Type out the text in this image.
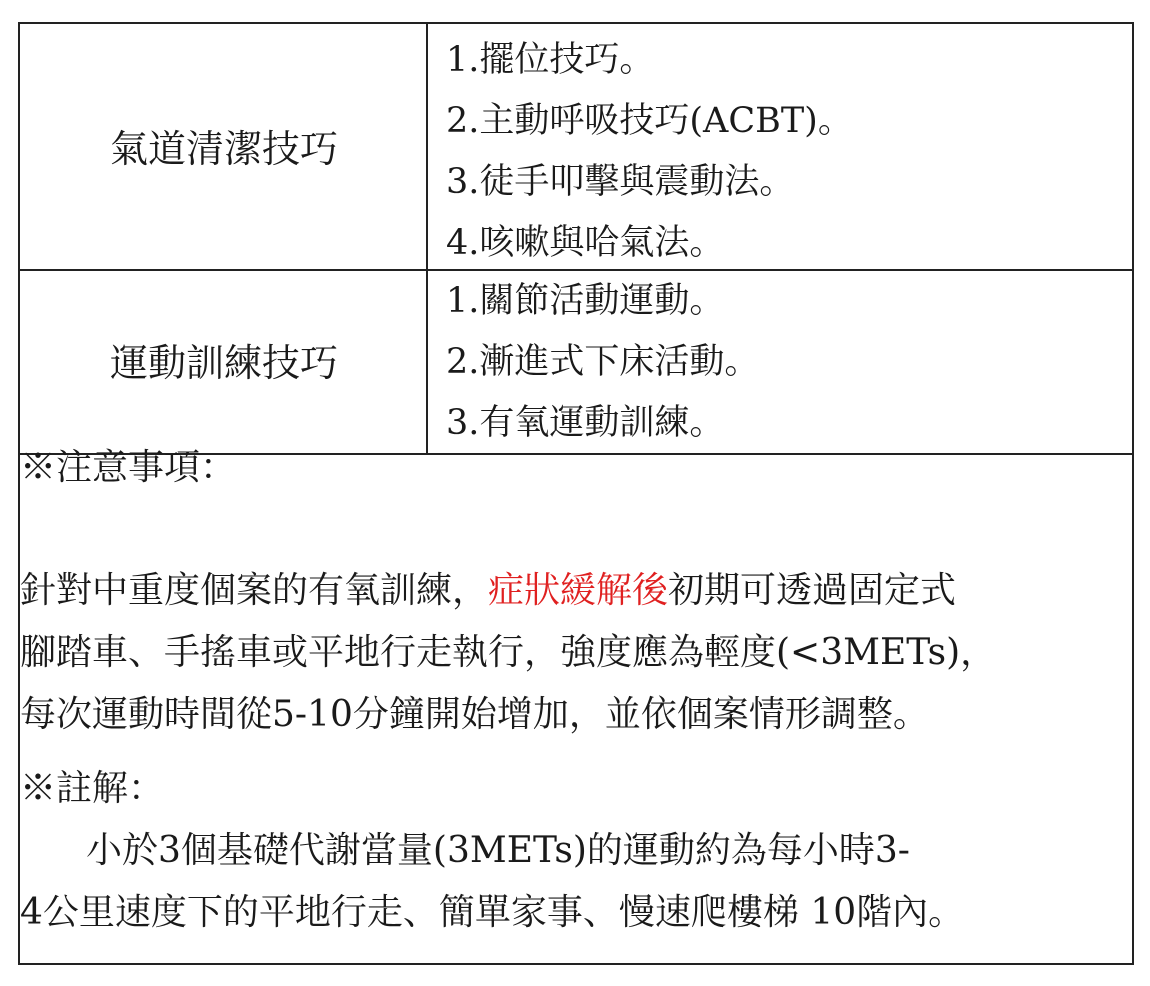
氣道清潔技巧
1.擺位技巧。
2.主動呼吸技巧(ACBT)。
3.徒手叩擊與震動法。
4.咳嗽與哈氣法。
運動訓練技巧
1.關節活動運動。
2.漸進式下床活動。
3.有氧運動訓練。
※注意事項：
針對中重度個案的有氧訓練，症狀緩解後初期可透過固定式
腳踏車、手搖車或平地行走執行，強度應為輕度(<3METs)，
每次運動時間從5-10分鐘開始增加，並依個案情形調整。
※註解：
小於3個基礎代謝當量(3METs)的運動約為每小時3-
4公里速度下的平地行走、簡單家事、慢速爬樓梯 10階內。
